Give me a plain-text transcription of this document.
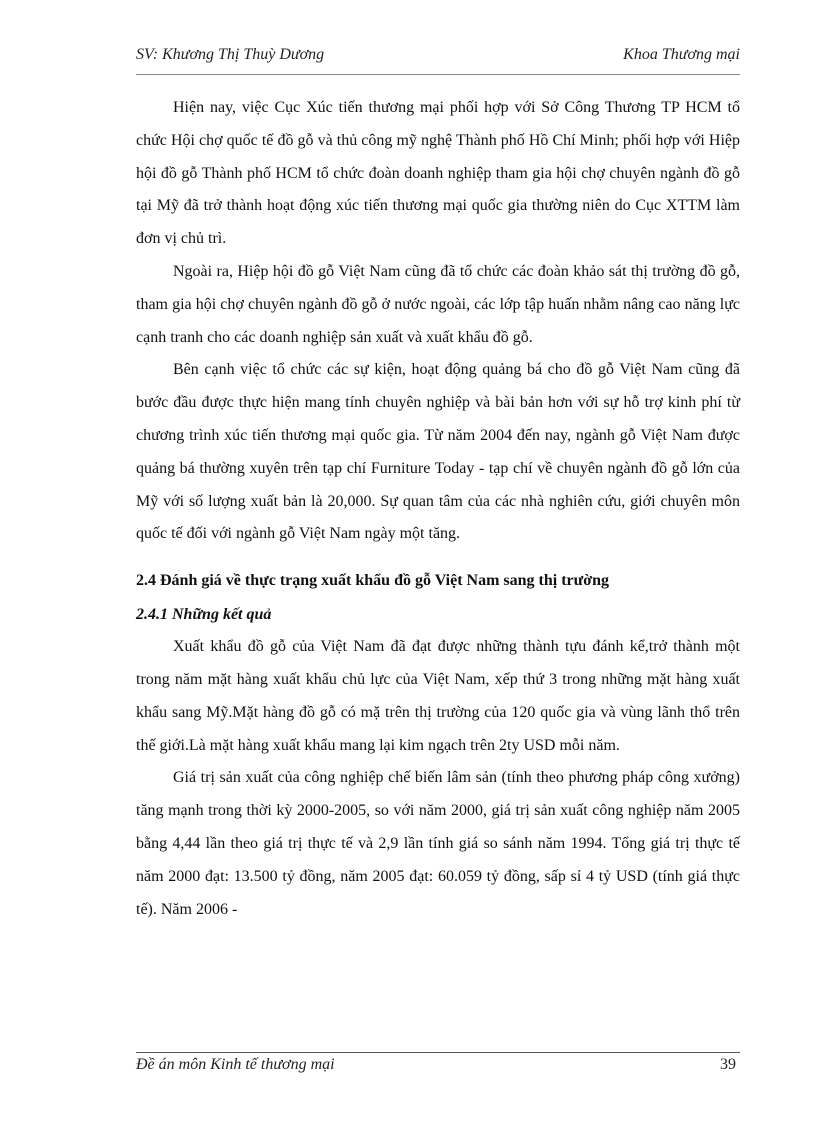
SV: Khương Thị Thuỳ Dương	Khoa Thương mại

Hiện nay, việc Cục Xúc tiến thương mại phối hợp với Sở Công Thương TP HCM tổ chức Hội chợ quốc tế đồ gỗ và thủ công mỹ nghệ Thành phố Hồ Chí Minh; phối hợp với Hiệp hội đồ gỗ Thành phố HCM tổ chức đoàn doanh nghiệp tham gia hội chợ chuyên ngành đồ gỗ tại Mỹ đã trở thành hoạt động xúc tiến thương mại quốc gia thường niên do Cục XTTM làm đơn vị chủ trì.

Ngoài ra, Hiệp hội đồ gỗ Việt Nam cũng đã tổ chức các đoàn khảo sát thị trường đồ gỗ, tham gia hội chợ chuyên ngành đồ gỗ ở nước ngoài, các lớp tập huấn nhằm nâng cao năng lực cạnh tranh cho các doanh nghiệp sản xuất và xuất khẩu đồ gỗ.

Bên cạnh việc tổ chức các sự kiện, hoạt động quảng bá cho đồ gỗ Việt Nam cũng đã bước đầu được thực hiện mang tính chuyên nghiệp và bài bản hơn với sự hỗ trợ kinh phí từ chương trình xúc tiến thương mại quốc gia. Từ năm 2004 đến nay, ngành gỗ Việt Nam được quảng bá thường xuyên trên tạp chí Furniture Today - tạp chí về chuyên ngành đồ gỗ lớn của Mỹ với số lượng xuất bản là 20,000. Sự quan tâm của các nhà nghiên cứu, giới chuyên môn quốc tế đối với ngành gỗ Việt Nam ngày một tăng.

2.4 Đánh giá về thực trạng xuất khẩu đồ gỗ Việt Nam sang thị trường
2.4.1 Những kết quả

Xuất khẩu đồ gỗ của Việt Nam đã đạt được những thành tựu đánh kể,trở thành một trong năm mặt hàng xuất khẩu chủ lực của Việt Nam, xếp thứ 3 trong những mặt hàng xuất khẩu sang Mỹ.Mặt hàng đồ gỗ có mặ trên thị trường của 120 quốc gia và vùng lãnh thổ trên thế giới.Là mặt hàng xuất khẩu mang lại kim ngạch trên 2ty USD mỗi năm.

Giá trị sản xuất của công nghiệp chế biến lâm sản (tính theo phương pháp công xưởng) tăng mạnh trong thời kỳ 2000-2005, so với năm 2000, giá trị sản xuất công nghiệp năm 2005 bằng 4,44 lần theo giá trị thực tế và 2,9 lần tính giá so sánh năm 1994. Tổng giá trị thực tế năm 2000 đạt: 13.500 tỷ đồng, năm 2005 đạt: 60.059 tỷ đồng, sấp sỉ 4 tỷ USD (tính giá thực tế). Năm 2006 -

Đề án môn Kinh tế thương mại	39
